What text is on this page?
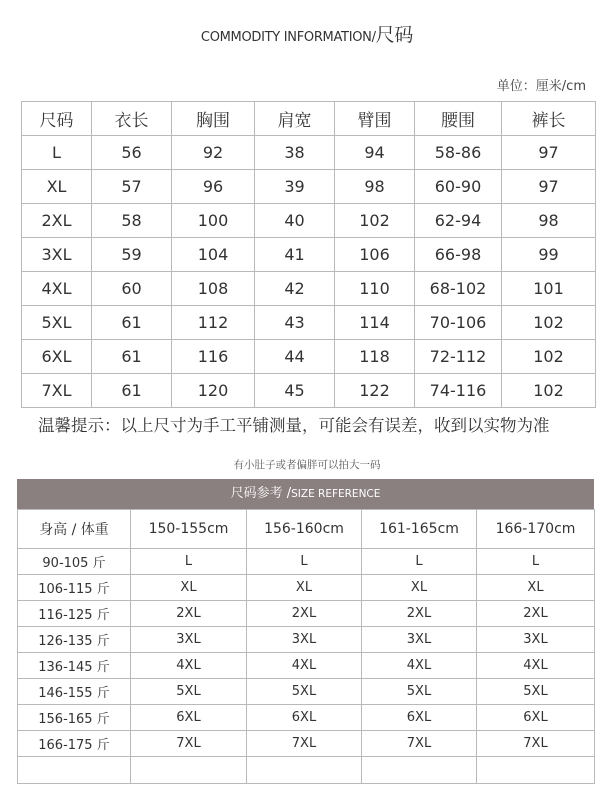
COMMODITY INFORMATION/尺码
单位：厘米/cm
尺码	衣长	胸围	肩宽	臂围	腰围	裤长
L	56	92	38	94	58-86	97
XL	57	96	39	98	60-90	97
2XL	58	100	40	102	62-94	98
3XL	59	104	41	106	66-98	99
4XL	60	108	42	110	68-102	101
5XL	61	112	43	114	70-106	102
6XL	61	116	44	118	72-112	102
7XL	61	120	45	122	74-116	102
温馨提示：以上尺寸为手工平铺测量，可能会有误差，收到以实物为准
有小肚子或者偏胖可以拍大一码
尺码参考 /SIZE REFERENCE
身高 / 体重	150-155cm	156-160cm	161-165cm	166-170cm
90-105 斤	L	L	L	L
106-115 斤	XL	XL	XL	XL
116-125 斤	2XL	2XL	2XL	2XL
126-135 斤	3XL	3XL	3XL	3XL
136-145 斤	4XL	4XL	4XL	4XL
146-155 斤	5XL	5XL	5XL	5XL
156-165 斤	6XL	6XL	6XL	6XL
166-175 斤	7XL	7XL	7XL	7XL
